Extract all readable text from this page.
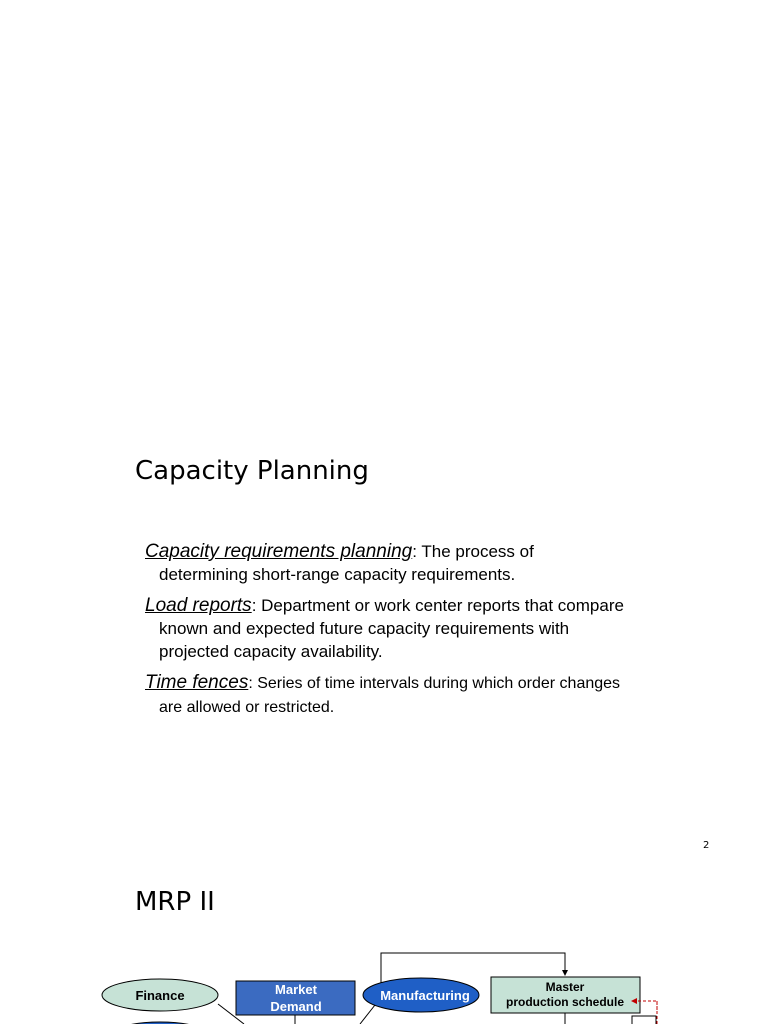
Capacity Planning

Capacity requirements planning: The process of determining short-range capacity requirements.

Load reports: Department or work center reports that compare known and expected future capacity requirements with projected capacity availability.

Time fences: Series of time intervals during which order changes are allowed or restricted.

2
MRP II
Finance	Market
Demand
Manufacturing
Master
production schedule
